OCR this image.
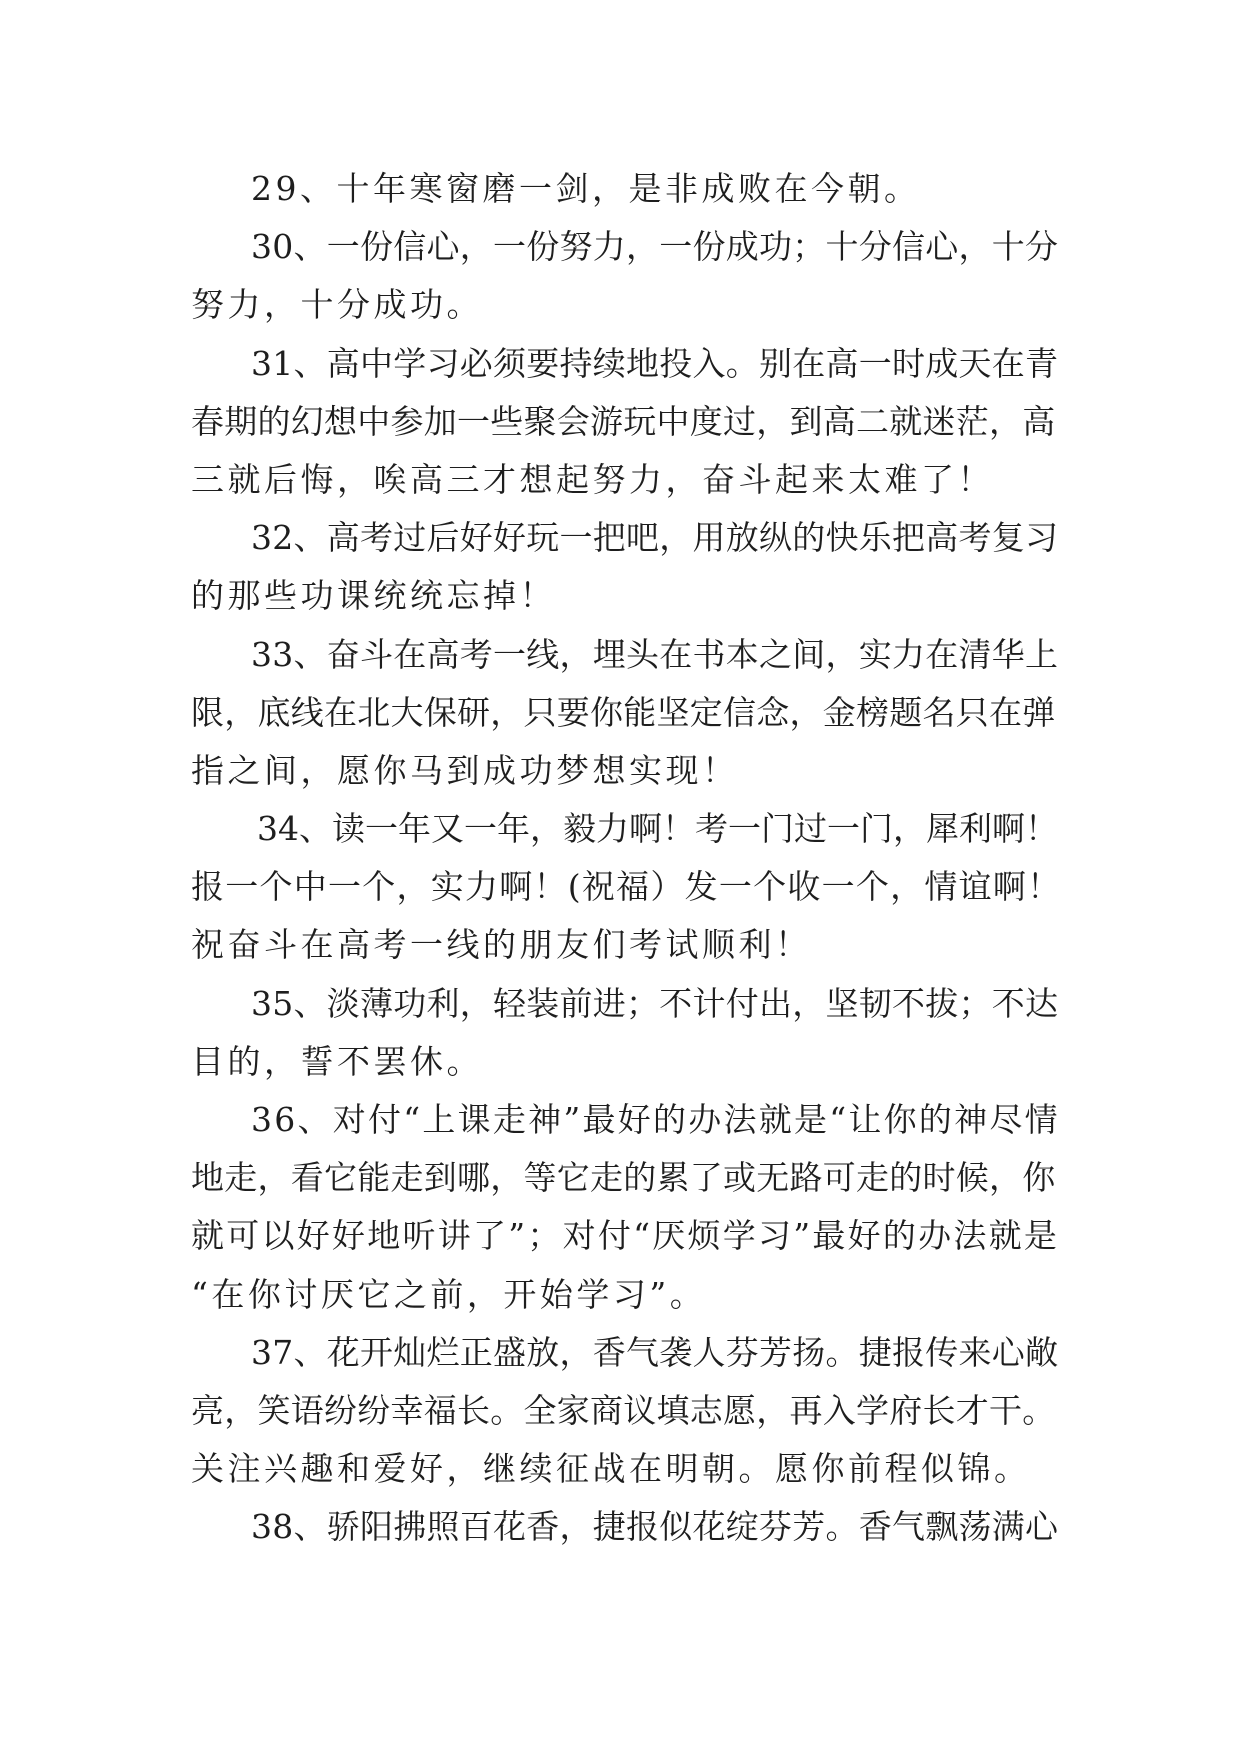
29、十年寒窗磨一剑，是非成败在今朝。
30、一份信心，一份努力，一份成功；十分信心，十分
努力，十分成功。
31、高中学习必须要持续地投入。别在高一时成天在青
春期的幻想中参加一些聚会游玩中度过，到高二就迷茫，高
三就后悔，唉高三才想起努力，奋斗起来太难了！
32、高考过后好好玩一把吧，用放纵的快乐把高考复习
的那些功课统统忘掉！
33、奋斗在高考一线，埋头在书本之间，实力在清华上
限，底线在北大保研，只要你能坚定信念，金榜题名只在弹
指之间，愿你马到成功梦想实现！
34、读一年又一年，毅力啊！考一门过一门，犀利啊！
报一个中一个，实力啊！(祝福）发一个收一个，情谊啊！
祝奋斗在高考一线的朋友们考试顺利！
35、淡薄功利，轻装前进；不计付出，坚韧不拔；不达
目的，誓不罢休。
36、对付“上课走神”最好的办法就是“让你的神尽情
地走，看它能走到哪，等它走的累了或无路可走的时候，你
就可以好好地听讲了”；对付“厌烦学习”最好的办法就是
“在你讨厌它之前，开始学习”。
37、花开灿烂正盛放，香气袭人芬芳扬。捷报传来心敞
亮，笑语纷纷幸福长。全家商议填志愿，再入学府长才干。
关注兴趣和爱好，继续征战在明朝。愿你前程似锦。
38、骄阳拂照百花香，捷报似花绽芬芳。香气飘荡满心
